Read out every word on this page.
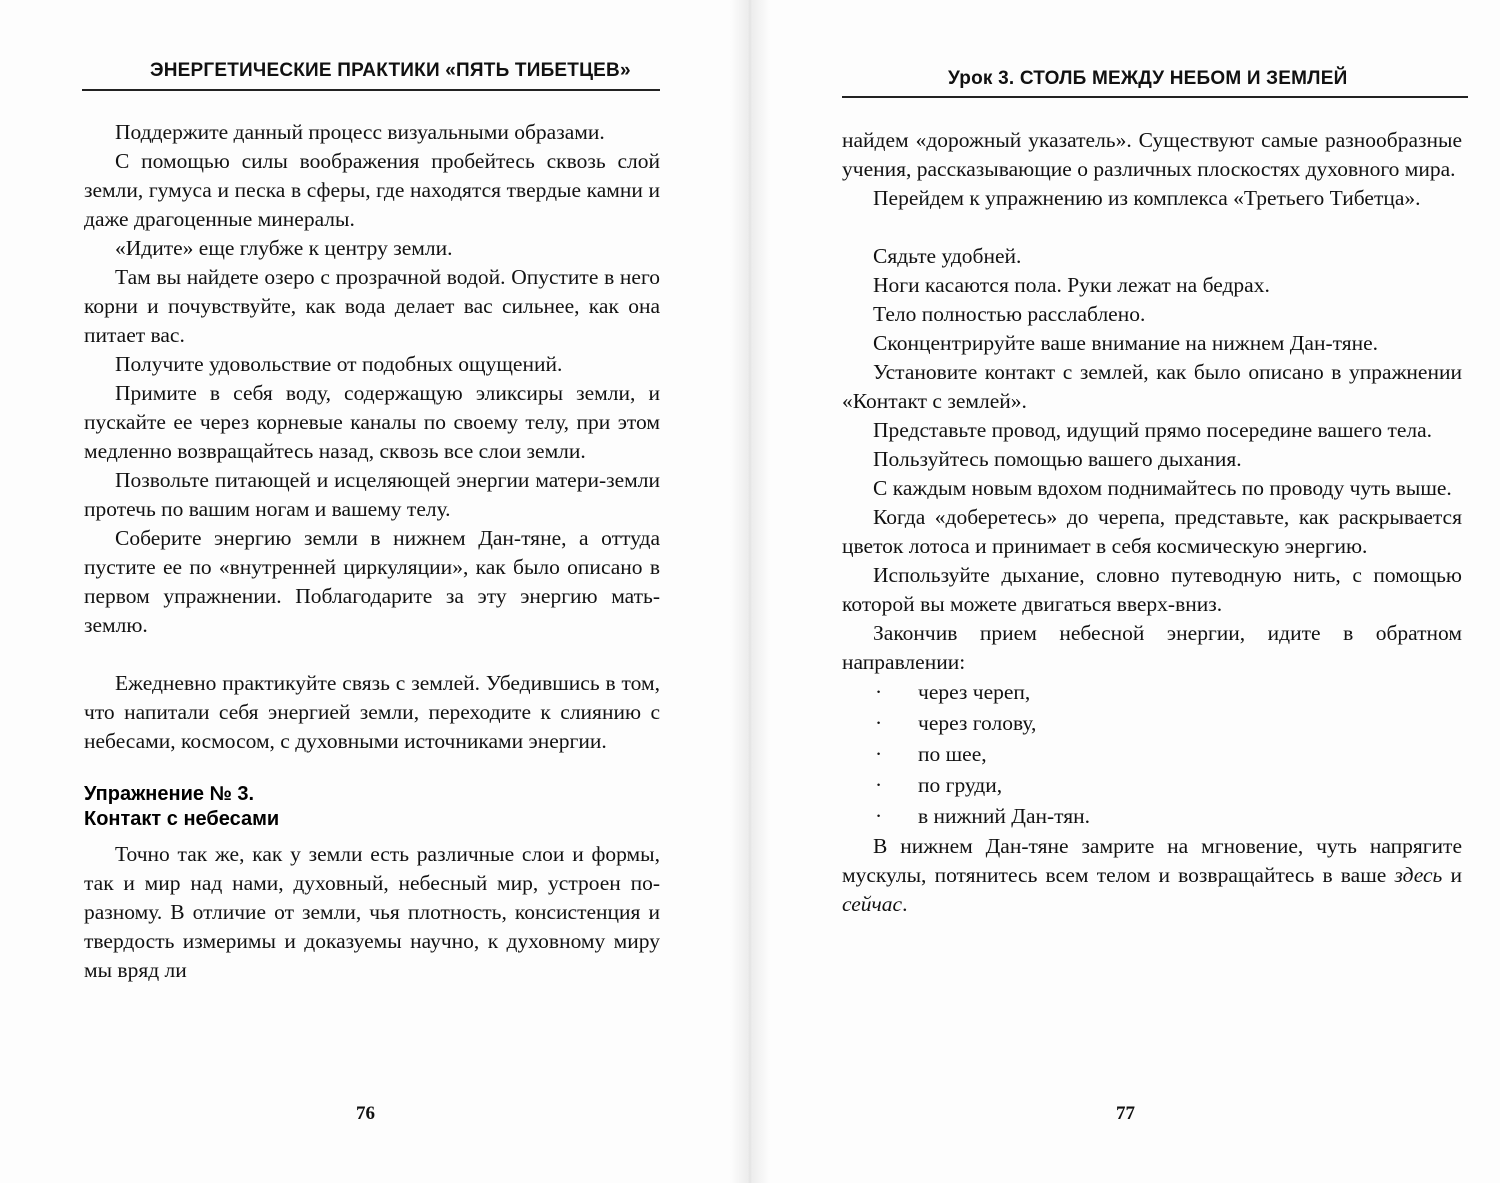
ЭНЕРГЕТИЧЕСКИЕ ПРАКТИКИ «ПЯТЬ ТИБЕТЦЕВ»

Поддержите данный процесс визуальными образами.

С помощью силы воображения пробейтесь сквозь слой земли, гумуса и песка в сферы, где находятся твердые камни и даже драгоценные минералы.

«Идите» еще глубже к центру земли.

Там вы найдете озеро с прозрачной водой. Опустите в него корни и почувствуйте, как вода делает вас сильнее, как она питает вас.

Получите удовольствие от подобных ощущений.

Примите в себя воду, содержащую эликсиры земли, и пускайте ее через корневые каналы по своему телу, при этом медленно возвращайтесь назад, сквозь все слои земли.

Позвольте питающей и исцеляющей энергии матери-земли протечь по вашим ногам и вашему телу.

Соберите энергию земли в нижнем Дан-тяне, а оттуда пустите ее по «внутренней циркуляции», как было описано в первом упражнении. Поблагодарите за эту энергию мать-землю.

Ежедневно практикуйте связь с землей. Убедившись в том, что напитали себя энергией земли, переходите к слиянию с небесами, космосом, с духовными источниками энергии.

Упражнение № 3.
Контакт с небесами

Точно так же, как у земли есть различные слои и формы, так и мир над нами, духовный, небесный мир, устроен по-разному. В отличие от земли, чья плотность, консистенция и твердость измеримы и доказуемы научно, к духовному миру мы вряд ли

76
Урок 3. СТОЛБ МЕЖДУ НЕБОМ И ЗЕМЛЕЙ

найдем «дорожный указатель». Существуют самые разнообразные учения, рассказывающие о различных плоскостях духовного мира.

Перейдем к упражнению из комплекса «Третьего Тибетца».

Сядьте удобней.

Ноги касаются пола. Руки лежат на бедрах.

Тело полностью расслаблено.

Сконцентрируйте ваше внимание на нижнем Дан-тяне.

Установите контакт с землей, как было описано в упражнении «Контакт с землей».

Представьте провод, идущий прямо посередине вашего тела.

Пользуйтесь помощью вашего дыхания.

С каждым новым вдохом поднимайтесь по проводу чуть выше.

Когда «доберетесь» до черепа, представьте, как раскрывается цветок лотоса и принимает в себя космическую энергию.

Используйте дыхание, словно путеводную нить, с помощью которой вы можете двигаться вверх-вниз.

Закончив прием небесной энергии, идите в обратном направлении:

· через череп,
· через голову,
· по шее,
· по груди,
· в нижний Дан-тян.

В нижнем Дан-тяне замрите на мгновение, чуть напрягите мускулы, потянитесь всем телом и возвращайтесь в ваше здесь и сейчас.

77
